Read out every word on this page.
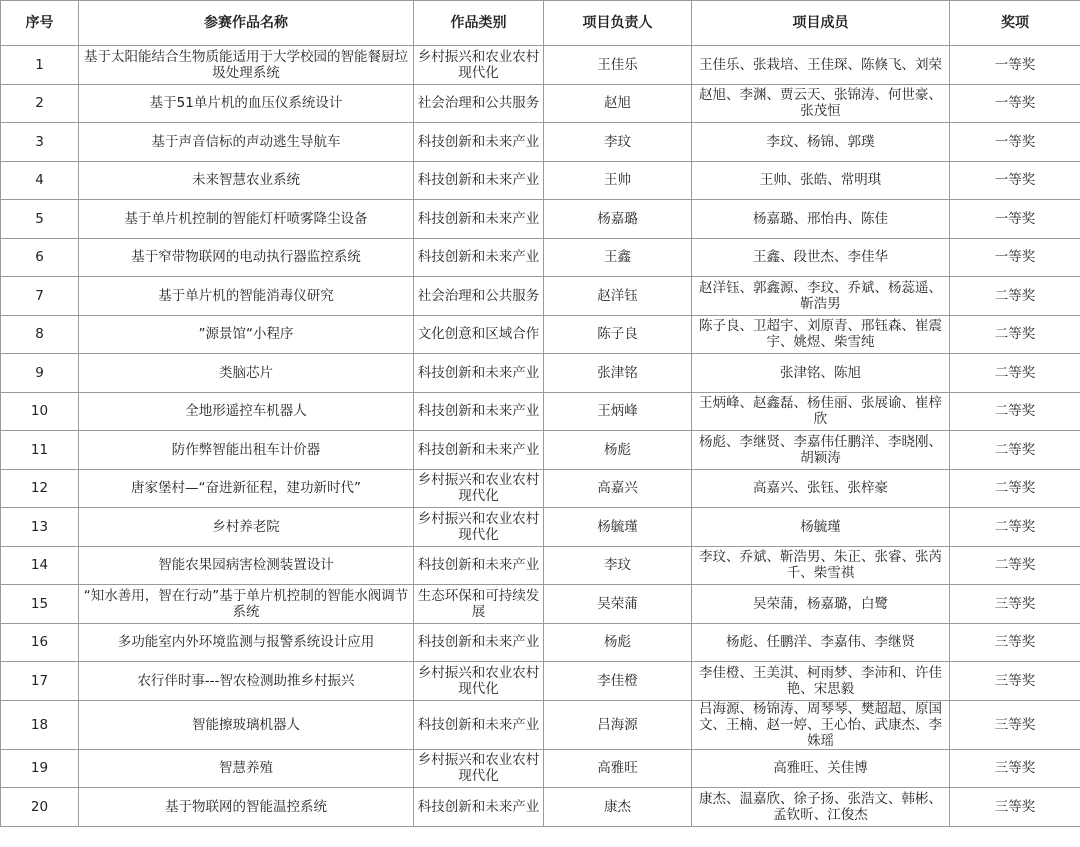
序号	参赛作品名称	作品类别	项目负责人	项目成员	奖项
1	基于太阳能结合生物质能适用于大学校园的智能餐厨垃圾处理系统	乡村振兴和农业农村现代化	王佳乐	王佳乐、张栽培、王佳琛、陈倏飞、刘荣	一等奖
2	基于51单片机的血压仪系统设计	社会治理和公共服务	赵旭	赵旭、李渊、贾云天、张锦涛、何世豪、张茂恒	一等奖
3	基于声音信标的声动逃生导航车	科技创新和未来产业	李玟	李玟、杨锦、郭璞	一等奖
4	未来智慧农业系统	科技创新和未来产业	王帅	王帅、张皓、常明琪	一等奖
5	基于单片机控制的智能灯杆喷雾降尘设备	科技创新和未来产业	杨嘉璐	杨嘉璐、邢怡冉、陈佳	一等奖
6	基于窄带物联网的电动执行器监控系统	科技创新和未来产业	王鑫	王鑫、段世杰、李佳华	一等奖
7	基于单片机的智能消毒仪研究	社会治理和公共服务	赵洋钰	赵洋钰、郭鑫源、李玟、乔斌、杨蕊遥、靳浩男	二等奖
8	”源景馆“小程序	文化创意和区域合作	陈子良	陈子良、卫超宇、刘原青、邢钰森、崔震宇、姚煜、柴雪纯	二等奖
9	类脑芯片	科技创新和未来产业	张津铭	张津铭、陈旭	二等奖
10	全地形遥控车机器人	科技创新和未来产业	王炳峰	王炳峰、赵鑫磊、杨佳丽、张展谕、崔梓欣	二等奖
11	防作弊智能出租车计价器	科技创新和未来产业	杨彪	杨彪、李继贤、李嘉伟任鹏洋、李晓刚、胡颖涛	二等奖
12	唐家堡村—“奋进新征程，建功新时代”	乡村振兴和农业农村现代化	高嘉兴	高嘉兴、张钰、张梓豪	二等奖
13	乡村养老院	乡村振兴和农业农村现代化	杨毓瑾	杨毓瑾	二等奖
14	智能农果园病害检测装置设计	科技创新和未来产业	李玟	李玟、乔斌、靳浩男、朱正、张睿、张芮千、柴雪祺	二等奖
15	“知水善用，智在行动”基于单片机控制的智能水阀调节系统	生态环保和可持续发展	吴荣蒲	吴荣蒲，杨嘉璐，白鹭	三等奖
16	多功能室内外环境监测与报警系统设计应用	科技创新和未来产业	杨彪	杨彪、任鹏洋、李嘉伟、李继贤	三等奖
17	农行伴时事---智农检测助推乡村振兴	乡村振兴和农业农村现代化	李佳橙	李佳橙、王美淇、柯雨梦、李沛和、许佳艳、宋思毅	三等奖
18	智能擦玻璃机器人	科技创新和未来产业	吕海源	吕海源、杨锦涛、周琴琴、樊超超、原国文、王楠、赵一婷、王心怡、武康杰、李姝瑶	三等奖
19	智慧养殖	乡村振兴和农业农村现代化	高雅旺	高雅旺、关佳博	三等奖
20	基于物联网的智能温控系统	科技创新和未来产业	康杰	康杰、温嘉欣、徐子扬、张浩文、韩彬、孟钦昕、江俊杰	三等奖
